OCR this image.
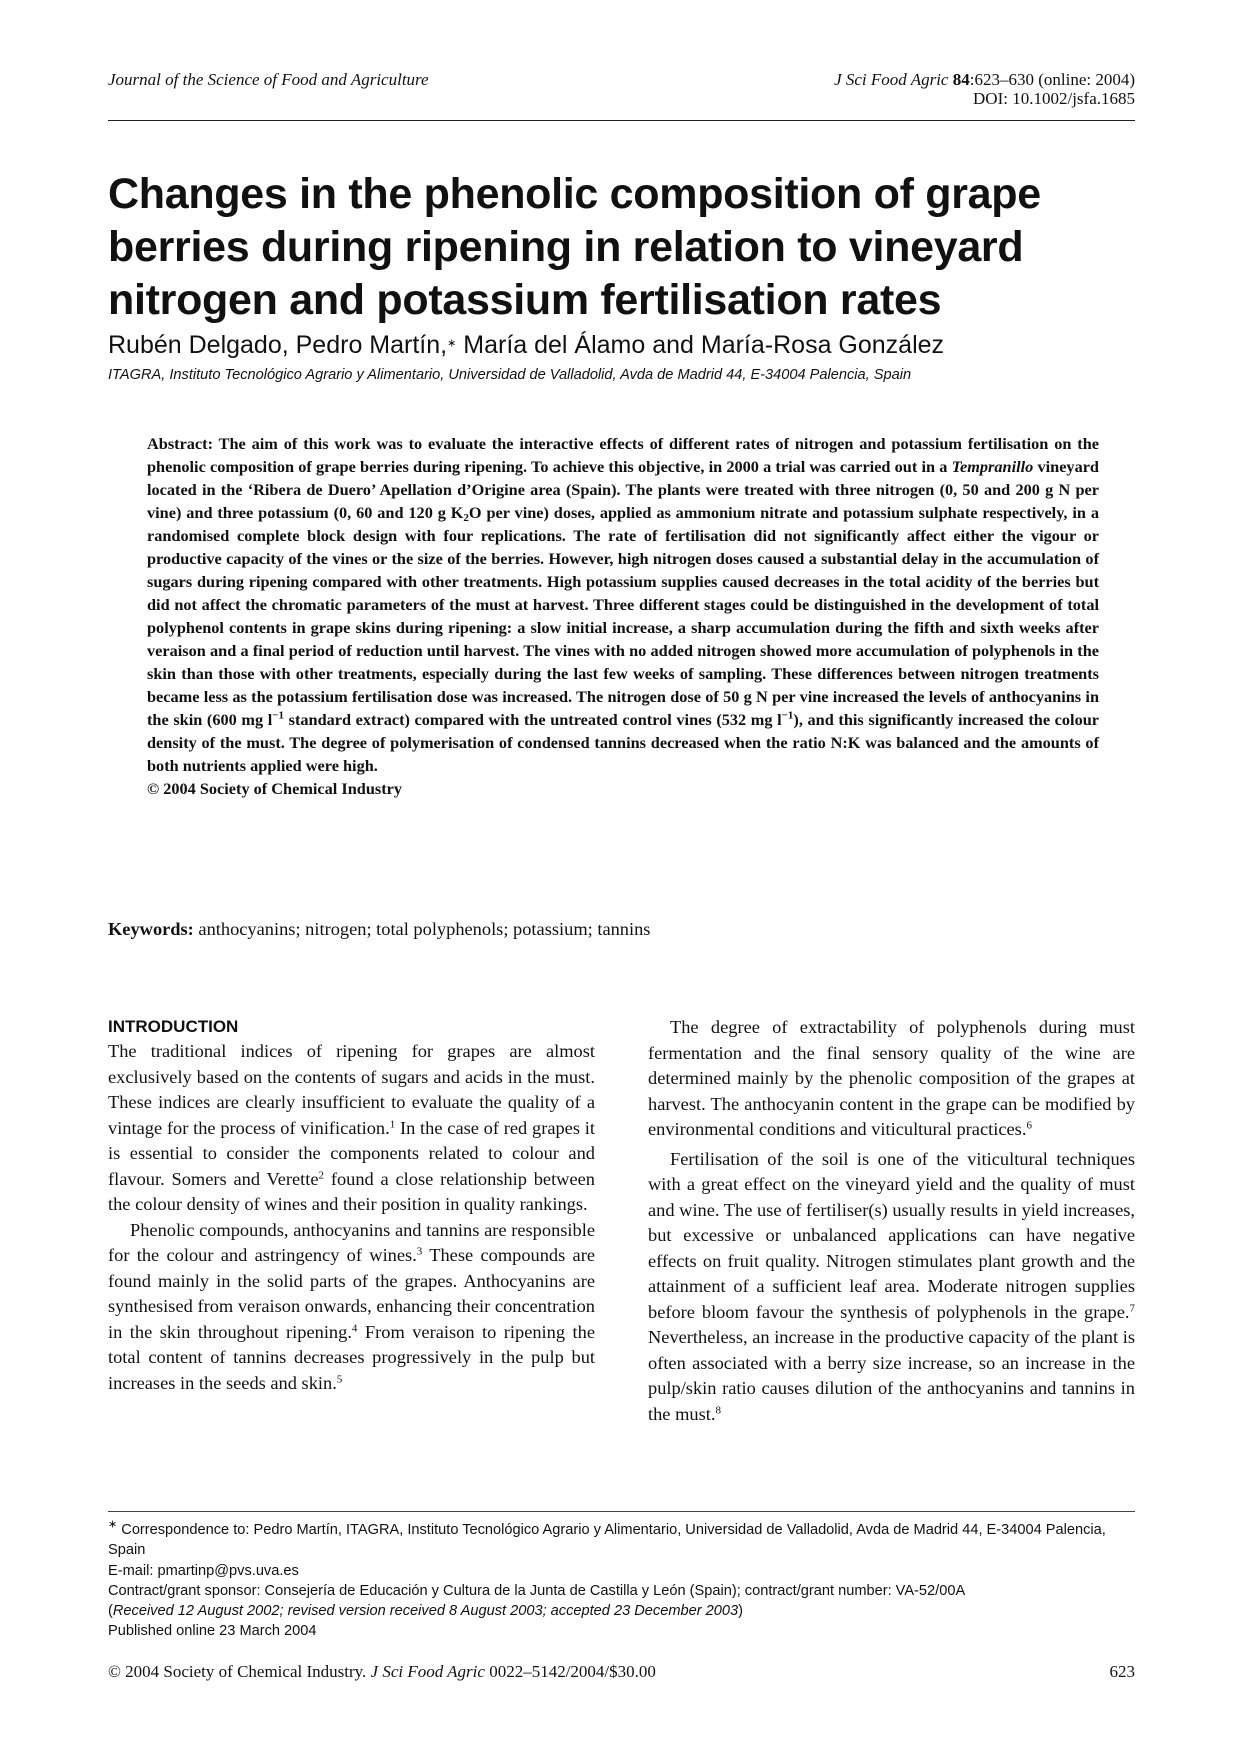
Journal of the Science of Food and Agriculture	J Sci Food Agric 84:623–630 (online: 2004)
DOI: 10.1002/jsfa.1685
Changes in the phenolic composition of grape berries during ripening in relation to vineyard nitrogen and potassium fertilisation rates
Rubén Delgado, Pedro Martín,∗ María del Álamo and María-Rosa González
ITAGRA, Instituto Tecnológico Agrario y Alimentario, Universidad de Valladolid, Avda de Madrid 44, E-34004 Palencia, Spain

Abstract: The aim of this work was to evaluate the interactive effects of different rates of nitrogen and potassium fertilisation on the phenolic composition of grape berries during ripening. To achieve this objective, in 2000 a trial was carried out in a Tempranillo vineyard located in the ‘Ribera de Duero’ Apellation d’Origine area (Spain). The plants were treated with three nitrogen (0, 50 and 200 g N per vine) and three potassium (0, 60 and 120 g $K_2O$ per vine) doses, applied as ammonium nitrate and potassium sulphate respectively, in a randomised complete block design with four replications. The rate of fertilisation did not significantly affect either the vigour or productive capacity of the vines or the size of the berries. However, high nitrogen doses caused a substantial delay in the accumulation of sugars during ripening compared with other treatments. High potassium supplies caused decreases in the total acidity of the berries but did not affect the chromatic parameters of the must at harvest. Three different stages could be distinguished in the development of total polyphenol contents in grape skins during ripening: a slow initial increase, a sharp accumulation during the fifth and sixth weeks after veraison and a final period of reduction until harvest. The vines with no added nitrogen showed more accumulation of polyphenols in the skin than those with other treatments, especially during the last few weeks of sampling. These differences between nitrogen treatments became less as the potassium fertilisation dose was increased. The nitrogen dose of 50 g N per vine increased the levels of anthocyanins in the skin (600 mg $l^{-1}$ standard extract) compared with the untreated control vines (532 mg $l^{-1}$), and this significantly increased the colour density of the must. The degree of polymerisation of condensed tannins decreased when the ratio N:K was balanced and the amounts of both nutrients applied were high.

© 2004 Society of Chemical Industry

Keywords: anthocyanins; nitrogen; total polyphenols; potassium; tannins
INTRODUCTION

The traditional indices of ripening for grapes are almost exclusively based on the contents of sugars and acids in the must. These indices are clearly insufficient to evaluate the quality of a vintage for the process of vinification.$^1$ In the case of red grapes it is essential to consider the components related to colour and flavour. Somers and Verette$^2$ found a close relationship between the colour density of wines and their position in quality rankings.

Phenolic compounds, anthocyanins and tannins are responsible for the colour and astringency of wines.$^3$ These compounds are found mainly in the solid parts of the grapes. Anthocyanins are synthesised from veraison onwards, enhancing their concentration in the skin throughout ripening.$^4$ From veraison to ripening the total content of tannins decreases progressively in the pulp but increases in the seeds and skin.$^5$

The degree of extractability of polyphenols during must fermentation and the final sensory quality of the wine are determined mainly by the phenolic composition of the grapes at harvest. The anthocyanin content in the grape can be modified by environmental conditions and viticultural practices.$^6$

Fertilisation of the soil is one of the viticultural techniques with a great effect on the vineyard yield and the quality of must and wine. The use of fertiliser(s) usually results in yield increases, but excessive or unbalanced applications can have negative effects on fruit quality. Nitrogen stimulates plant growth and the attainment of a sufficient leaf area. Moderate nitrogen supplies before bloom favour the synthesis of polyphenols in the grape.$^7$ Nevertheless, an increase in the productive capacity of the plant is often associated with a berry size increase, so an increase in the pulp/skin ratio causes dilution of the anthocyanins and tannins in the must.$^8$

∗ Correspondence to: Pedro Martín, ITAGRA, Instituto Tecnológico Agrario y Alimentario, Universidad de Valladolid, Avda de Madrid 44, E-34004 Palencia, Spain
E-mail: pmartinp@pvs.uva.es
Contract/grant sponsor: Consejería de Educación y Cultura de la Junta de Castilla y León (Spain); contract/grant number: VA-52/00A
(Received 12 August 2002; revised version received 8 August 2003; accepted 23 December 2003)
Published online 23 March 2004
© 2004 Society of Chemical Industry. J Sci Food Agric 0022–5142/2004/$30.00	623
